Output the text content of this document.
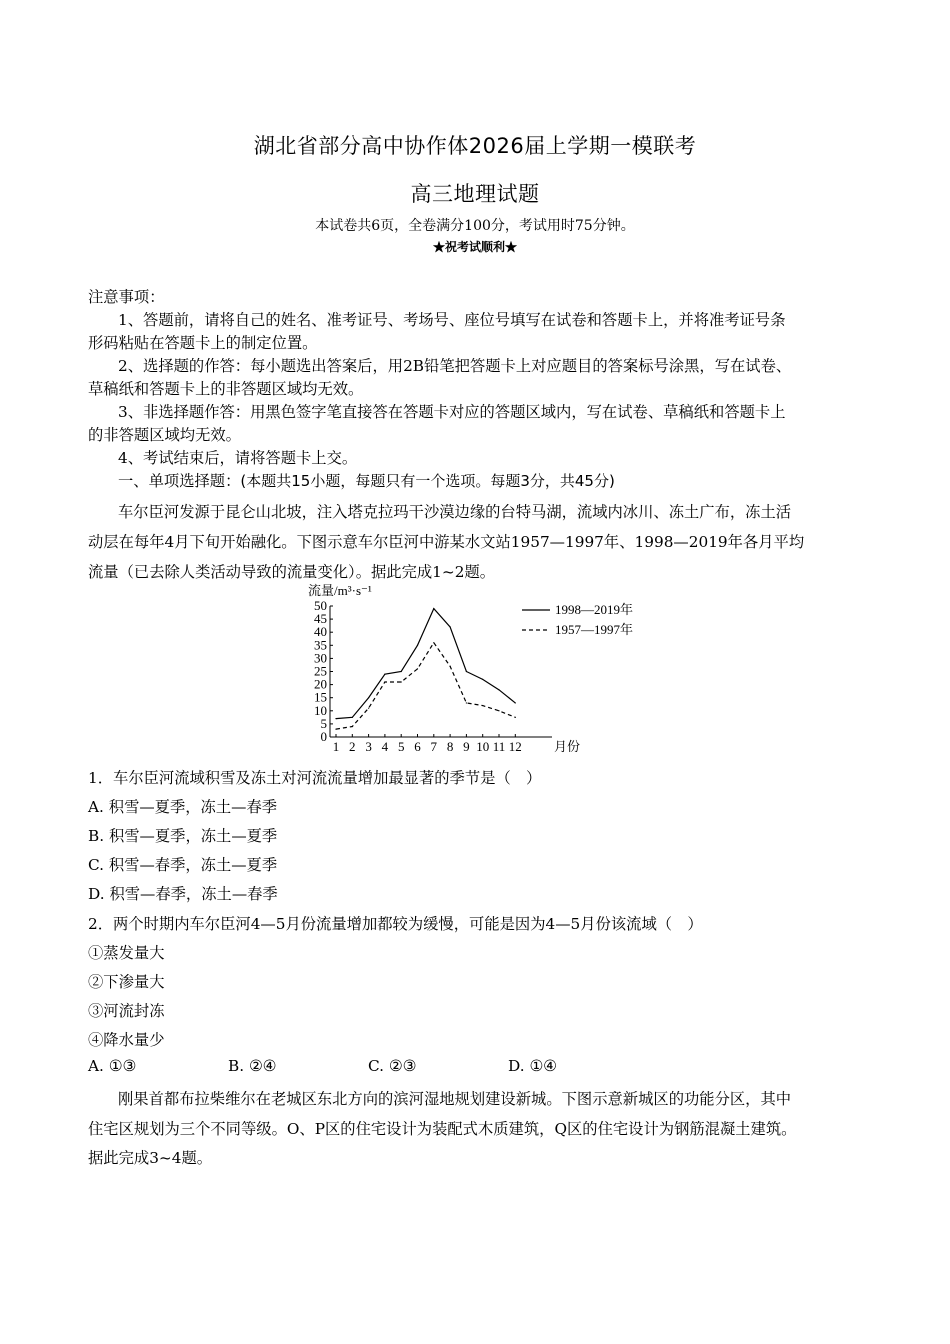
湖北省部分高中协作体2026届上学期一模联考
高三地理试题
本试卷共6页，全卷满分100分，考试用时75分钟。
★祝考试顺利★
注意事项：
1、答题前，请将自己的姓名、准考证号、考场号、座位号填写在试卷和答题卡上，并将准考证号条
形码粘贴在答题卡上的制定位置。
2、选择题的作答：每小题选出答案后，用2B铅笔把答题卡上对应题目的答案标号涂黑，写在试卷、
草稿纸和答题卡上的非答题区域均无效。
3、非选择题作答：用黑色签字笔直接答在答题卡对应的答题区域内，写在试卷、草稿纸和答题卡上
的非答题区域均无效。
4、考试结束后，请将答题卡上交。
一、单项选择题：(本题共15小题，每题只有一个选项。每题3分，共45分)
车尔臣河发源于昆仑山北坡，注入塔克拉玛干沙漠边缘的台特马湖，流域内冰川、冻土广布，冻土活
动层在每年4月下旬开始融化。下图示意车尔臣河中游某水文站1957—1997年、1998—2019年各月平均
流量（已去除人类活动导致的流量变化）。据此完成1~2题。
流量/m³·s⁻¹
0
5
10
15
20
25
30
35
40
45
50
1 2 3 4 5 6 7 8 9 10 11 12 月份
1998—2019年
1957—1997年
1．车尔臣河流域积雪及冻土对河流流量增加最显著的季节是（　）
A. 积雪—夏季，冻土—春季
B. 积雪—夏季，冻土—夏季
C. 积雪—春季，冻土—夏季
D. 积雪—春季，冻土—春季
2．两个时期内车尔臣河4—5月份流量增加都较为缓慢，可能是因为4—5月份该流域（　）
①蒸发量大
②下渗量大
③河流封冻
④降水量少
A. ①③	B. ②④	C. ②③	D. ①④
刚果首都布拉柴维尔在老城区东北方向的滨河湿地规划建设新城。下图示意新城区的功能分区，其中
住宅区规划为三个不同等级。O、P区的住宅设计为装配式木质建筑，Q区的住宅设计为钢筋混凝土建筑。
据此完成3~4题。
